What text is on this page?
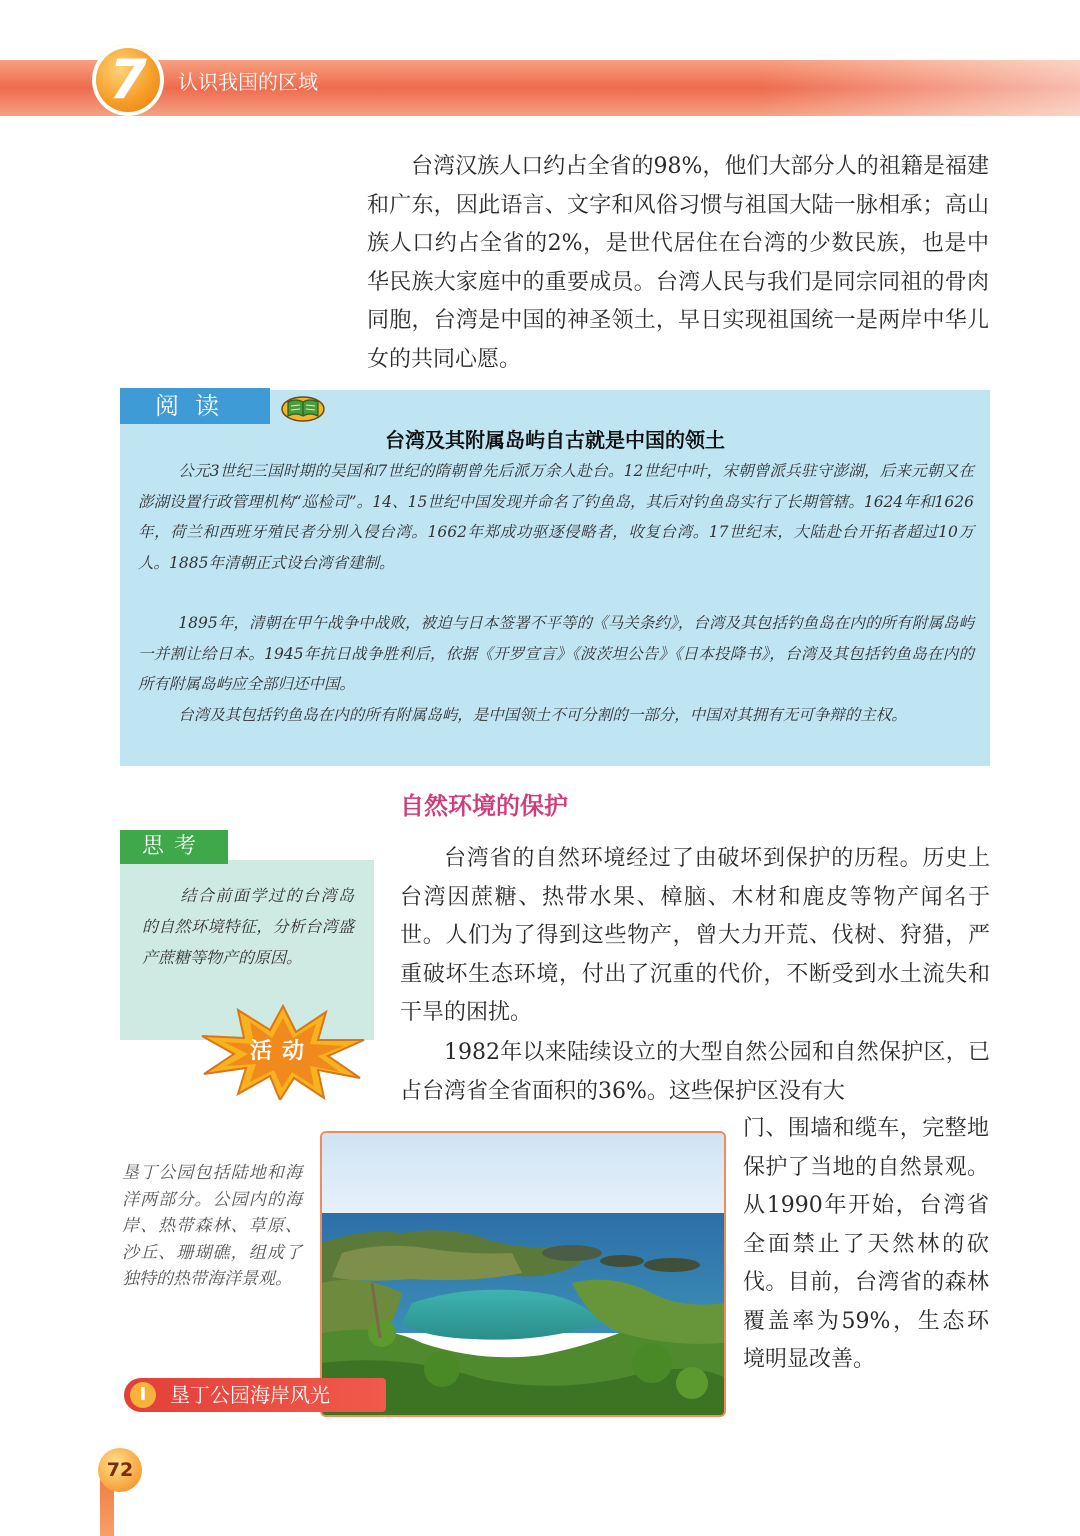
7	认识我国的区域

台湾汉族人口约占全省的98%，他们大部分人的祖籍是福建和广东，因此语言、文字和风俗习惯与祖国大陆一脉相承；高山族人口约占全省的2%，是世代居住在台湾的少数民族，也是中华民族大家庭中的重要成员。台湾人民与我们是同宗同祖的骨肉同胞，台湾是中国的神圣领土，早日实现祖国统一是两岸中华儿女的共同心愿。

阅读
台湾及其附属岛屿自古就是中国的领土

公元3世纪三国时期的吴国和7世纪的隋朝曾先后派万余人赴台。12世纪中叶，宋朝曾派兵驻守澎湖，后来元朝又在澎湖设置行政管理机构“巡检司”。14、15世纪中国发现并命名了钓鱼岛，其后对钓鱼岛实行了长期管辖。1624年和1626年，荷兰和西班牙殖民者分别入侵台湾。1662年郑成功驱逐侵略者，收复台湾。17世纪末，大陆赴台开拓者超过10万人。1885年清朝正式设台湾省建制。

1895年，清朝在甲午战争中战败，被迫与日本签署不平等的《马关条约》，台湾及其包括钓鱼岛在内的所有附属岛屿一并割让给日本。1945年抗日战争胜利后，依据《开罗宣言》《波茨坦公告》《日本投降书》，台湾及其包括钓鱼岛在内的所有附属岛屿应全部归还中国。

台湾及其包括钓鱼岛在内的所有附属岛屿，是中国领土不可分割的一部分，中国对其拥有无可争辩的主权。

自然环境的保护
思考

结合前面学过的台湾岛的自然环境特征，分析台湾盛产蔗糖等物产的原因。

活动

台湾省的自然环境经过了由破坏到保护的历程。历史上台湾因蔗糖、热带水果、樟脑、木材和鹿皮等物产闻名于世。人们为了得到这些物产，曾大力开荒、伐树、狩猎，严重破坏生态环境，付出了沉重的代价，不断受到水土流失和干旱的困扰。

1982年以来陆续设立的大型自然公园和自然保护区，已占台湾省全省面积的36%。这些保护区没有大

门、围墙和缆车，完整地保护了当地的自然景观。从1990年开始，台湾省全面禁止了天然林的砍伐。目前，台湾省的森林覆盖率为59%，生态环境明显改善。

垦丁公园包括陆地和海洋两部分。公园内的海岸、热带森林、草原、沙丘、珊瑚礁，组成了独特的热带海洋景观。

I	垦丁公园海岸风光
72
